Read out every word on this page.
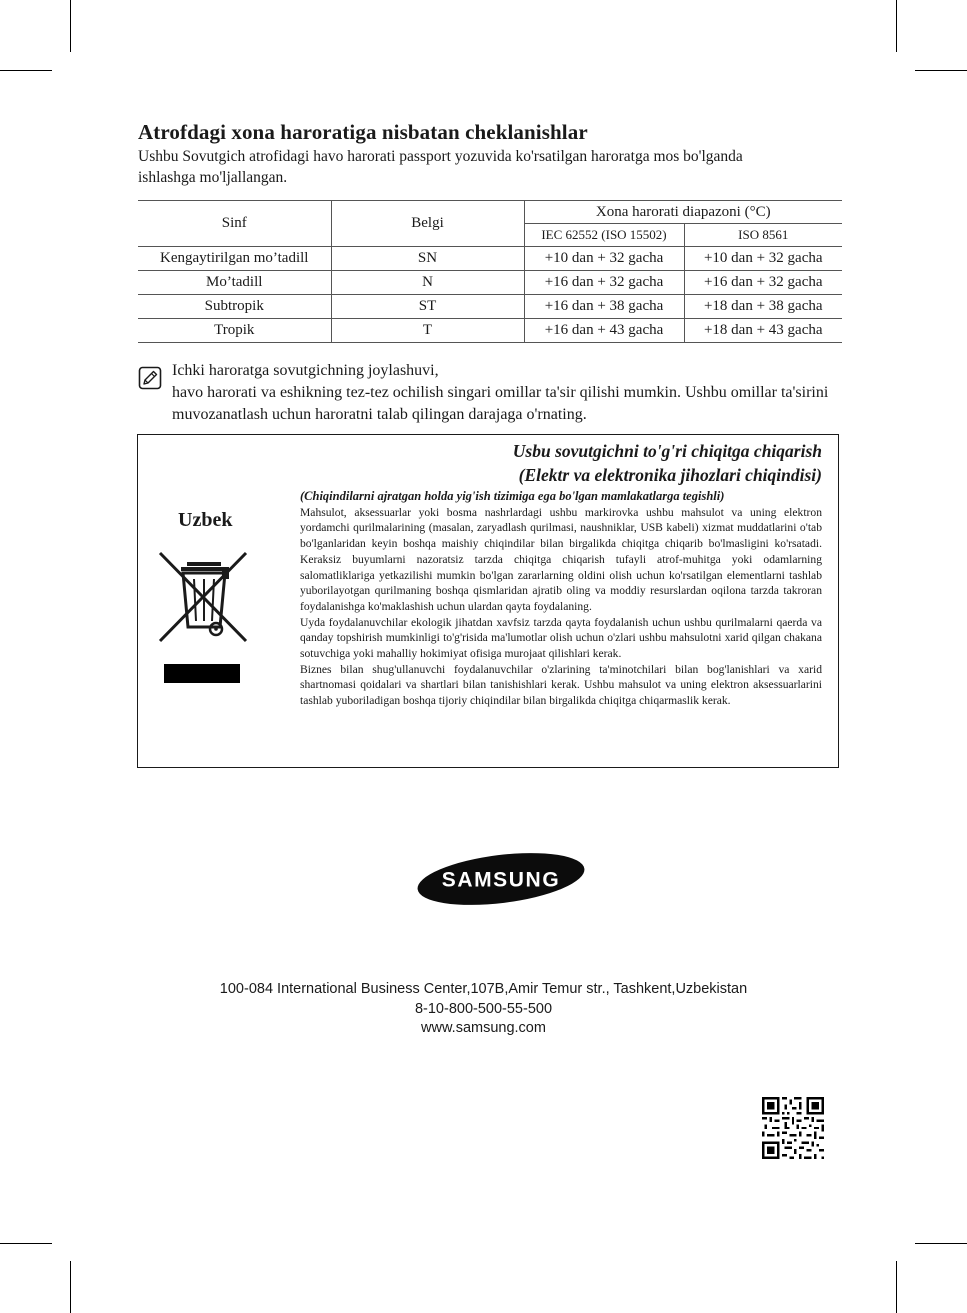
Atrofdagi xona haroratiga nisbatan cheklanishlar

Ushbu Sovutgich atrofidagi havo harorati passport yozuvida ko'rsatilgan haroratga mos bo'lganda ishlashga mo'ljallangan.

Sinf	Belgi	Xona harorati diapazoni (°C)	
		IEC 62552 (ISO 15502)	ISO 8561
Kengaytirilgan mo’tadill	SN	+10 dan + 32 gacha	+10 dan + 32 gacha
Mo’tadill	N	+16 dan + 32 gacha	+16 dan + 32 gacha
Subtropik	ST	+16 dan + 38 gacha	+18 dan + 38 gacha
Tropik	T	+16 dan + 43 gacha	+18 dan + 43 gacha
Ichki haroratga sovutgichning joylashuvi,
havo harorati va eshikning tez-tez ochilish singari omillar ta'sir qilishi mumkin. Ushbu omillar ta'sirini muvozanatlash uchun haroratni talab qilingan darajaga o'rnating.
Usbu sovutgichni to'g'ri chiqitga chiqarish
(Elektr va elektronika jihozlari chiqindisi)
Uzbek

(Chiqindilarni ajratgan holda yig'ish tizimiga ega bo'lgan mamlakatlarga tegishli)

Mahsulot, aksessuarlar yoki bosma nashrlardagi ushbu markirovka ushbu mahsulot va uning elektron yordamchi qurilmalarining (masalan, zaryadlash qurilmasi, naushniklar, USB kabeli) xizmat muddatlarini o'tab bo'lganlaridan keyin boshqa maishiy chiqindilar bilan birgalikda chiqitga chiqarib bo'lmasligini ko'rsatadi. Keraksiz buyumlarni nazoratsiz tarzda chiqitga chiqarish tufayli atrof-muhitga yoki odamlarning salomatliklariga yetkazilishi mumkin bo'lgan zararlarning oldini olish uchun ko'rsatilgan elementlarni tashlab yuborilayotgan qurilmaning boshqa qismlaridan ajratib oling va moddiy resurslardan oqilona tarzda takroran foydalanishga ko'maklashish uchun ulardan qayta foydalaning.

Uyda foydalanuvchilar ekologik jihatdan xavfsiz tarzda qayta foydalanish uchun ushbu qurilmalarni qaerda va qanday topshirish mumkinligi to'g'risida ma'lumotlar olish uchun o'zlari ushbu mahsulotni xarid qilgan chakana sotuvchiga yoki mahalliy hokimiyat ofisiga murojaat qilishlari kerak.

Biznes bilan shug'ullanuvchi foydalanuvchilar o'zlarining ta'minotchilari bilan bog'lanishlari va xarid shartnomasi qoidalari va shartlari bilan tanishishlari kerak. Ushbu mahsulot va uning elektron aksessuarlarini tashlab yuboriladigan boshqa tijoriy chiqindilar bilan birgalikda chiqitga chiqarmaslik kerak.

SAMSUNG
100-084 International Business Center,107B,Amir Temur str., Tashkent,Uzbekistan
8-10-800-500-55-500
www.samsung.com
